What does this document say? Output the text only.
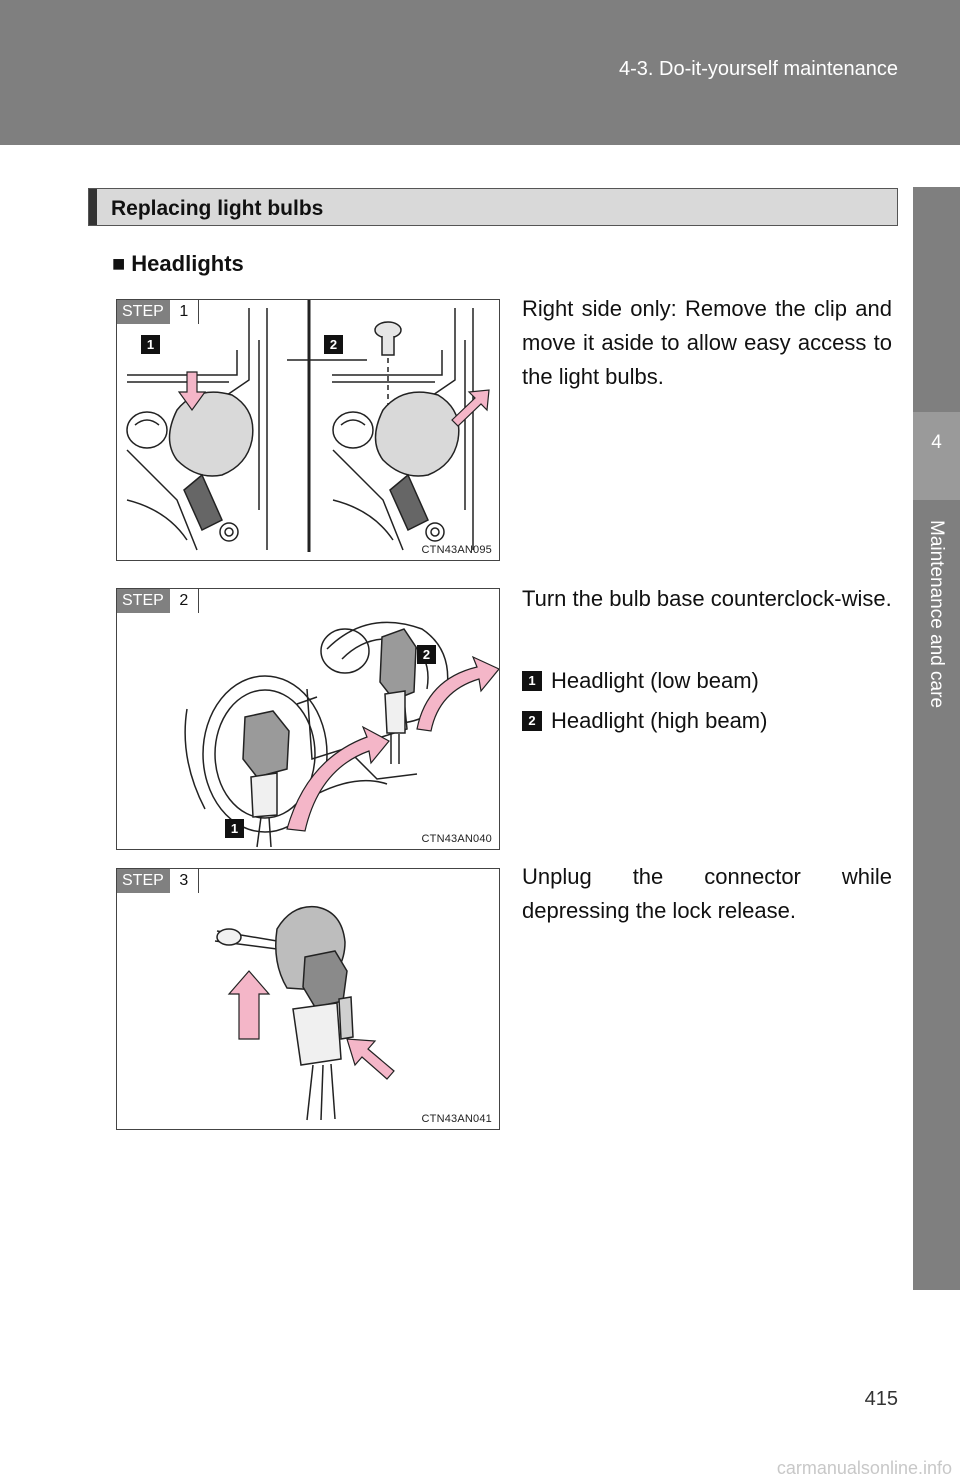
4-3. Do-it-yourself maintenance
4
Maintenance and care
Replacing light bulbs
■ Headlights
STEP 1
1	2
CTN43AN095
Right side only: Remove the clip and move it aside to allow easy access to the light bulbs.
STEP 2
1
2
CTN43AN040
Turn the bulb base counterclock-wise.
1 Headlight (low beam)
2 Headlight (high beam)
STEP 3
CTN43AN041
Unplug the connector while depressing the lock release.
415
carmanualsonline.info
